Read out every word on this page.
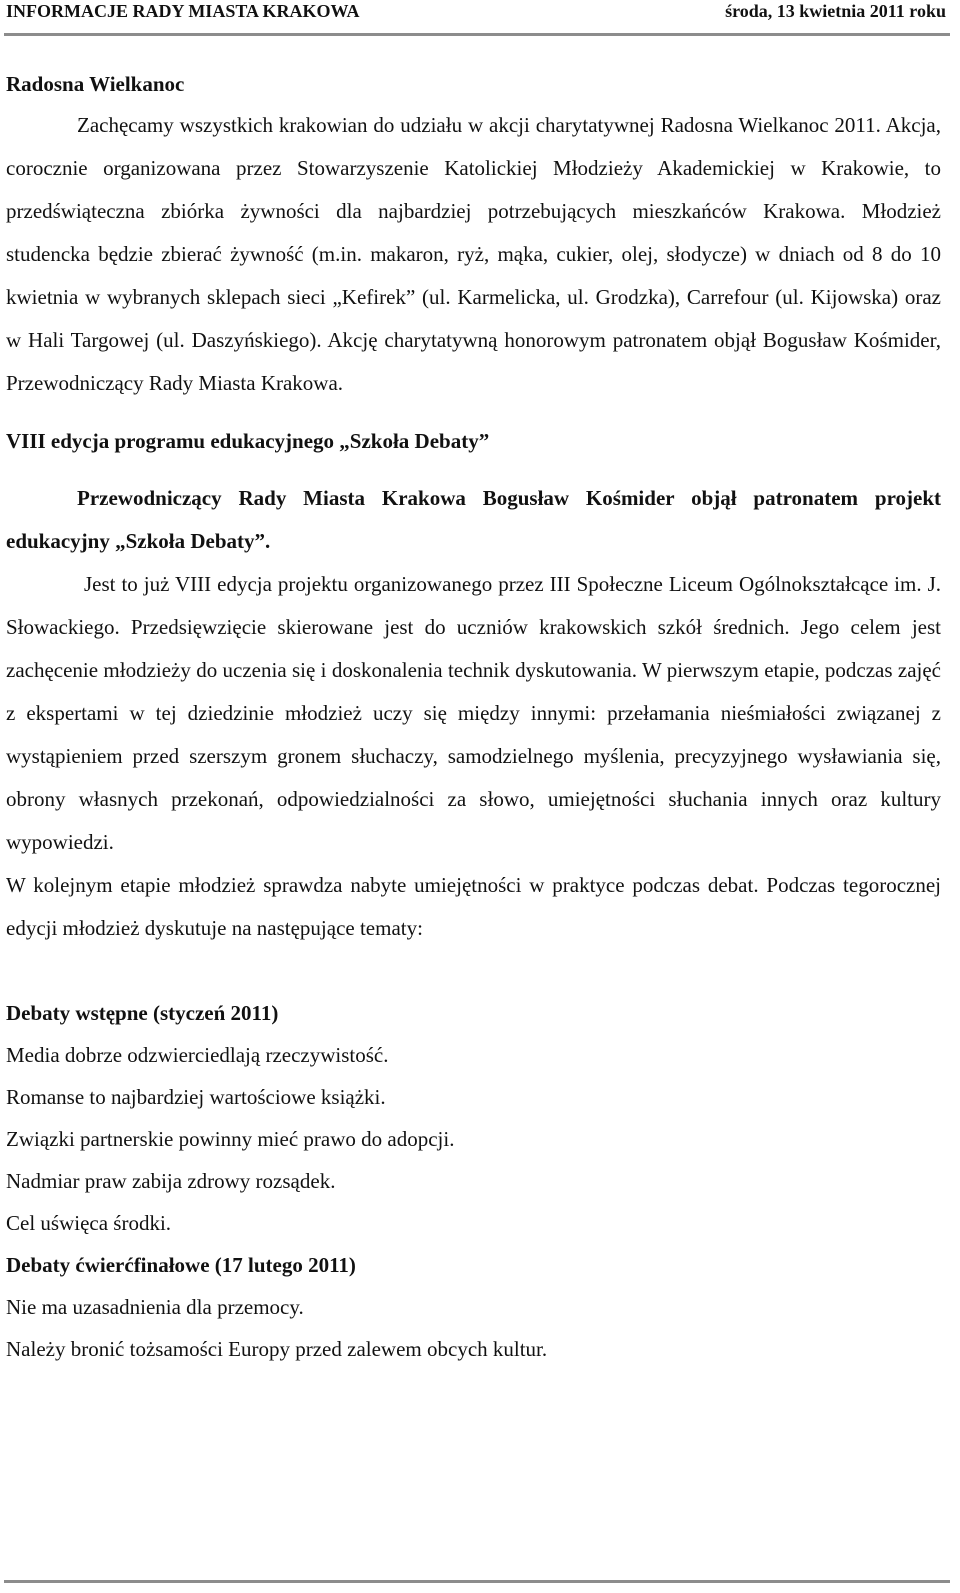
INFORMACJE RADY MIASTA KRAKOWA	środa, 13 kwietnia 2011 roku
Radosna Wielkanoc

Zachęcamy wszystkich krakowian do udziału w akcji charytatywnej Radosna Wielkanoc 2011. Akcja, corocznie organizowana przez Stowarzyszenie Katolickiej Młodzieży Akademickiej w Krakowie, to przedświąteczna zbiórka żywności dla najbardziej potrzebujących mieszkańców Krakowa. Młodzież studencka będzie zbierać żywność (m.in. makaron, ryż, mąka, cukier, olej, słodycze) w dniach od 8 do 10 kwietnia w wybranych sklepach sieci „Kefirek” (ul. Karmelicka, ul. Grodzka), Carrefour (ul. Kijowska) oraz w Hali Targowej (ul. Daszyńskiego). Akcję charytatywną honorowym patronatem objął Bogusław Kośmider, Przewodniczący Rady Miasta Krakowa.

VIII edycja programu edukacyjnego „Szkoła Debaty”

Przewodniczący Rady Miasta Krakowa Bogusław Kośmider objął patronatem projekt edukacyjny „Szkoła Debaty”.

Jest to już VIII edycja projektu organizowanego przez III Społeczne Liceum Ogólnokształcące im. J. Słowackiego. Przedsięwzięcie skierowane jest do uczniów krakowskich szkół średnich. Jego celem jest zachęcenie młodzieży do uczenia się i doskonalenia technik dyskutowania. W pierwszym etapie, podczas zajęć z ekspertami w tej dziedzinie młodzież uczy się między innymi: przełamania nieśmiałości związanej z wystąpieniem przed szerszym gronem słuchaczy, samodzielnego myślenia, precyzyjnego wysławiania się, obrony własnych przekonań, odpowiedzialności za słowo, umiejętności słuchania innych oraz kultury wypowiedzi.

W kolejnym etapie młodzież sprawdza nabyte umiejętności w praktyce podczas debat. Podczas tegorocznej edycji młodzież dyskutuje na następujące tematy:

Debaty wstępne (styczeń 2011)

Media dobrze odzwierciedlają rzeczywistość.

Romanse to najbardziej wartościowe książki.

Związki partnerskie powinny mieć prawo do adopcji.

Nadmiar praw zabija zdrowy rozsądek.

Cel uświęca środki.

Debaty ćwierćfinałowe (17 lutego 2011)

Nie ma uzasadnienia dla przemocy.

Należy bronić tożsamości Europy przed zalewem obcych kultur.
